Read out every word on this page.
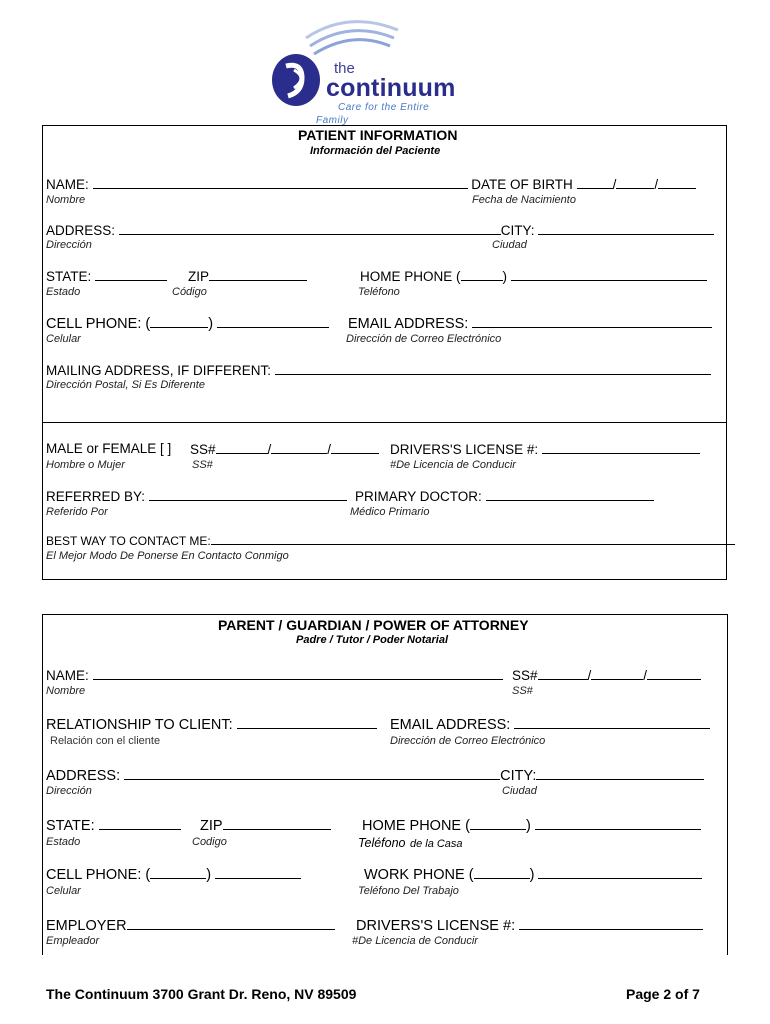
the
continuum
Care for the Entire
Family
PATIENT INFORMATION
Información del Paciente
NAME:	DATE OF BIRTH	/	/
Nombre	Fecha de Nacimiento
ADDRESS:	CITY:
Dirección	Ciudad
STATE:	ZIP	HOME PHONE (	)
Estado	Código	Teléfono
CELL PHONE: (	)	EMAIL ADDRESS:
Celular	Dirección de Correo Electrónico
MAILING ADDRESS, IF DIFFERENT:
Dirección Postal, Si Es Diferente
MALE or FEMALE [ ] SS#	/	/	DRIVERS'S LICENSE #:
Hombre o Mujer	SS#	#De Licencia de Conducir
REFERRED BY:	PRIMARY DOCTOR:
Referido Por	Médico Primario
BEST WAY TO CONTACT ME:
El Mejor Modo De Ponerse En Contacto Conmigo
PARENT / GUARDIAN / POWER OF ATTORNEY
Padre / Tutor / Poder Notarial
NAME:	SS#	/	/
Nombre	SS#
RELATIONSHIP TO CLIENT:	EMAIL ADDRESS:
Relación con el cliente	Dirección de Correo Electrónico
ADDRESS:	CITY:
Dirección	Ciudad
STATE:	ZIP	HOME PHONE (	)
Estado	Codigo	Teléfono de la Casa
CELL PHONE: (	)	WORK PHONE (	)
Celular	Teléfono Del Trabajo
EMPLOYER	DRIVERS'S LICENSE #:
Empleador	#De Licencia de Conducir
The Continuum 3700 Grant Dr. Reno, NV 89509	Page 2 of 7
